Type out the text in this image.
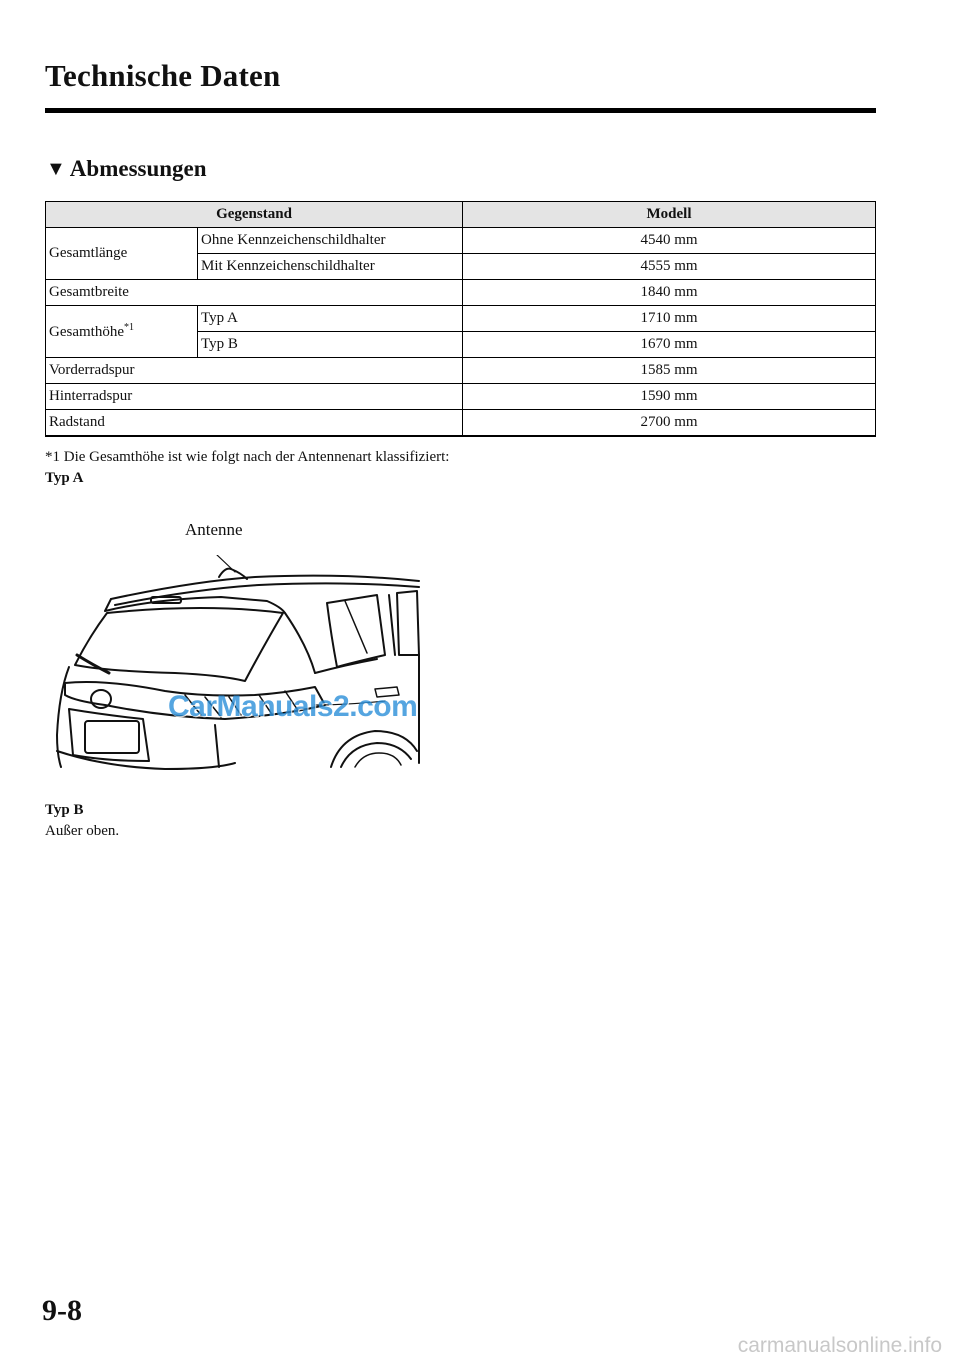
Technische Daten
▼ Abmessungen
Gegenstand		Modell
Gesamtlänge	Ohne Kennzeichenschildhalter	4540 mm
	Mit Kennzeichenschildhalter	4555 mm
Gesamtbreite		1840 mm
Gesamthöhe$^{*1}$	Typ A	1710 mm
	Typ B	1670 mm
Vorderradspur		1585 mm
Hinterradspur		1590 mm
Radstand		2700 mm
*1 Die Gesamthöhe ist wie folgt nach der Antennenart klassifiziert:
Typ A
Antenne
CarManuals2.com
Typ B
Außer oben.
9-8
carmanualsonline.info
